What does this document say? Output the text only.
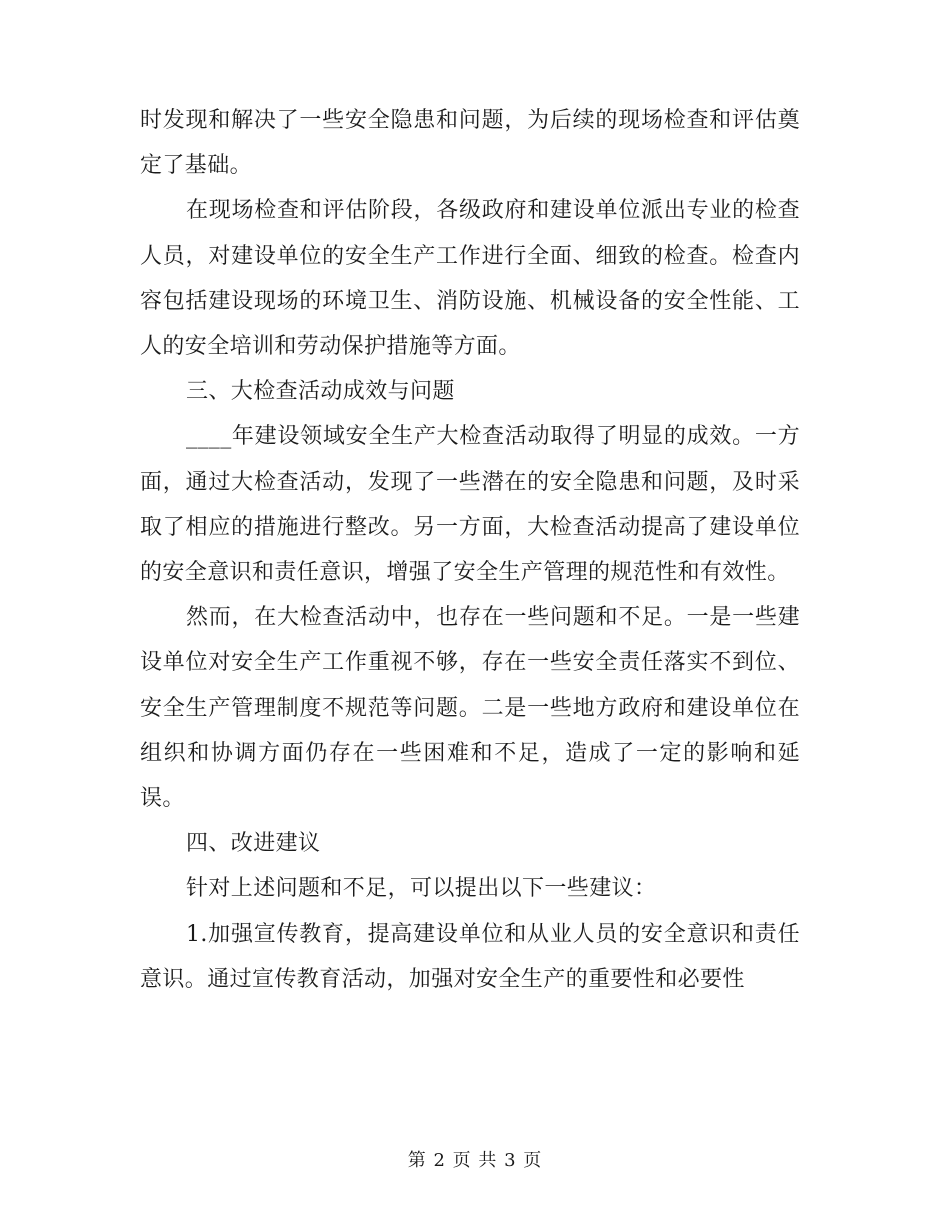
时发现和解决了一些安全隐患和问题，为后续的现场检查和评估奠定了基础。

在现场检查和评估阶段，各级政府和建设单位派出专业的检查人员，对建设单位的安全生产工作进行全面、细致的检查。检查内容包括建设现场的环境卫生、消防设施、机械设备的安全性能、工人的安全培训和劳动保护措施等方面。

三、大检查活动成效与问题

____年建设领域安全生产大检查活动取得了明显的成效。一方面，通过大检查活动，发现了一些潜在的安全隐患和问题，及时采取了相应的措施进行整改。另一方面，大检查活动提高了建设单位的安全意识和责任意识，增强了安全生产管理的规范性和有效性。

然而，在大检查活动中，也存在一些问题和不足。一是一些建设单位对安全生产工作重视不够，存在一些安全责任落实不到位、安全生产管理制度不规范等问题。二是一些地方政府和建设单位在组织和协调方面仍存在一些困难和不足，造成了一定的影响和延误。

四、改进建议

针对上述问题和不足，可以提出以下一些建议：

1.加强宣传教育，提高建设单位和从业人员的安全意识和责任意识。通过宣传教育活动，加强对安全生产的重要性和必要性

第 2 页 共 3 页
